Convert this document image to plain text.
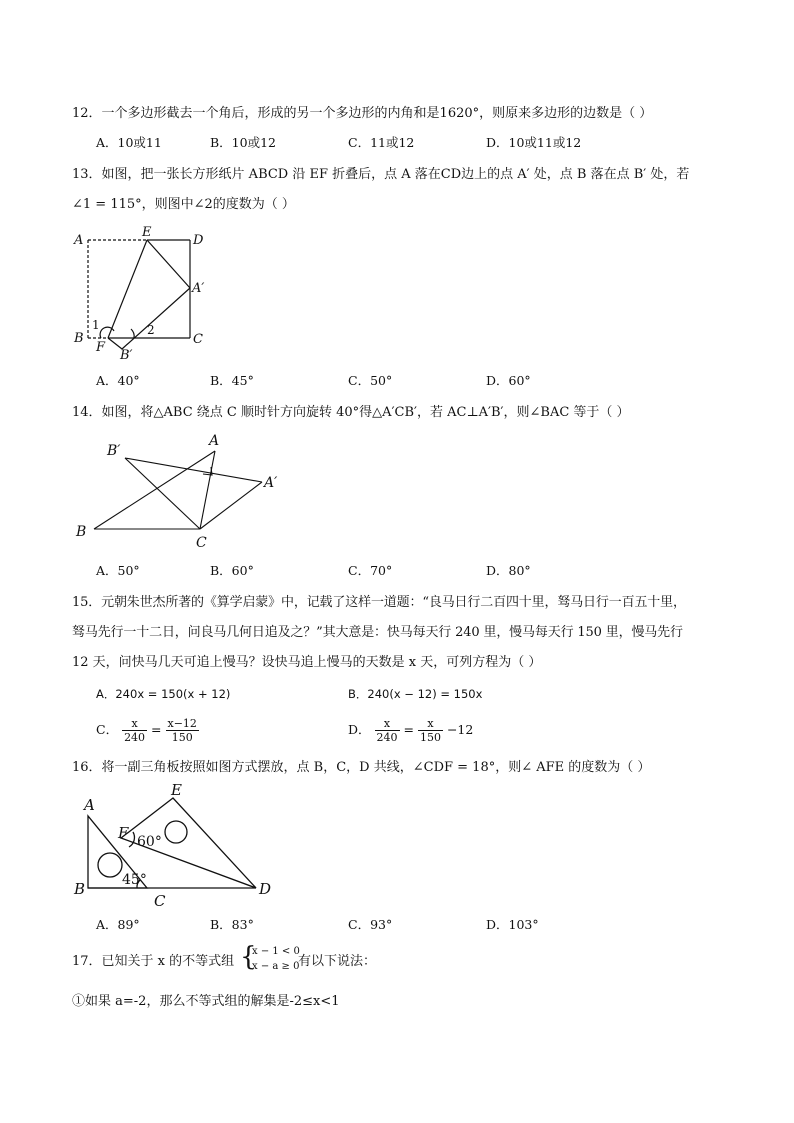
12．一个多边形截去一个角后，形成的另一个多边形的内角和是1620°，则原来多边形的边数是（ ）
A．10或11	B．10或12	C．11或12	D．10或11或12
13．如图，把一张长方形纸片 ABCD 沿 EF 折叠后，点 A 落在CD边上的点 A′ 处，点 B 落在点 B′ 处，若
∠1 = 115°，则图中∠2的度数为（ ）
A
E
D
A′
B
F
B′
C
1	2
A．40°	B．45°	C．50°	D．60°
14．如图，将△ABC 绕点 C 顺时针方向旋转 40°得△A′CB′，若 AC⊥A′B′，则∠BAC 等于（ ）
B′
A
A′
B
C
A．50°	B．60°	C．70°	D．80°
15．元朝朱世杰所著的《算学启蒙》中，记载了这样一道题：“良马日行二百四十里，驽马日行一百五十里，
驽马先行一十二日，问良马几何日追及之？”其大意是：快马每天行 240 里，慢马每天行 150 里，慢马先行
12 天，问快马几天可追上慢马？设快马追上慢马的天数是 x 天，可列方程为（ ）
A．240x = 150(x + 12)	B．240(x − 12) = 150x
C． $\frac{x}{240} = \frac{x-12}{150}$	D． $\frac{x}{240} = \frac{x}{150} -12$
16．将一副三角板按照如图方式摆放，点 B，C，D 共线，∠CDF = 18°，则∠ AFE 的度数为（ ）
A
E
F
B
C
D
60°
45°
A．89°	B．83°	C．93°	D．103°
17．已知关于 x 的不等式组 {
x − 1 < 0
x − a ≥ 0
有以下说法：
①如果 a=-2，那么不等式组的解集是-2≤x<1
